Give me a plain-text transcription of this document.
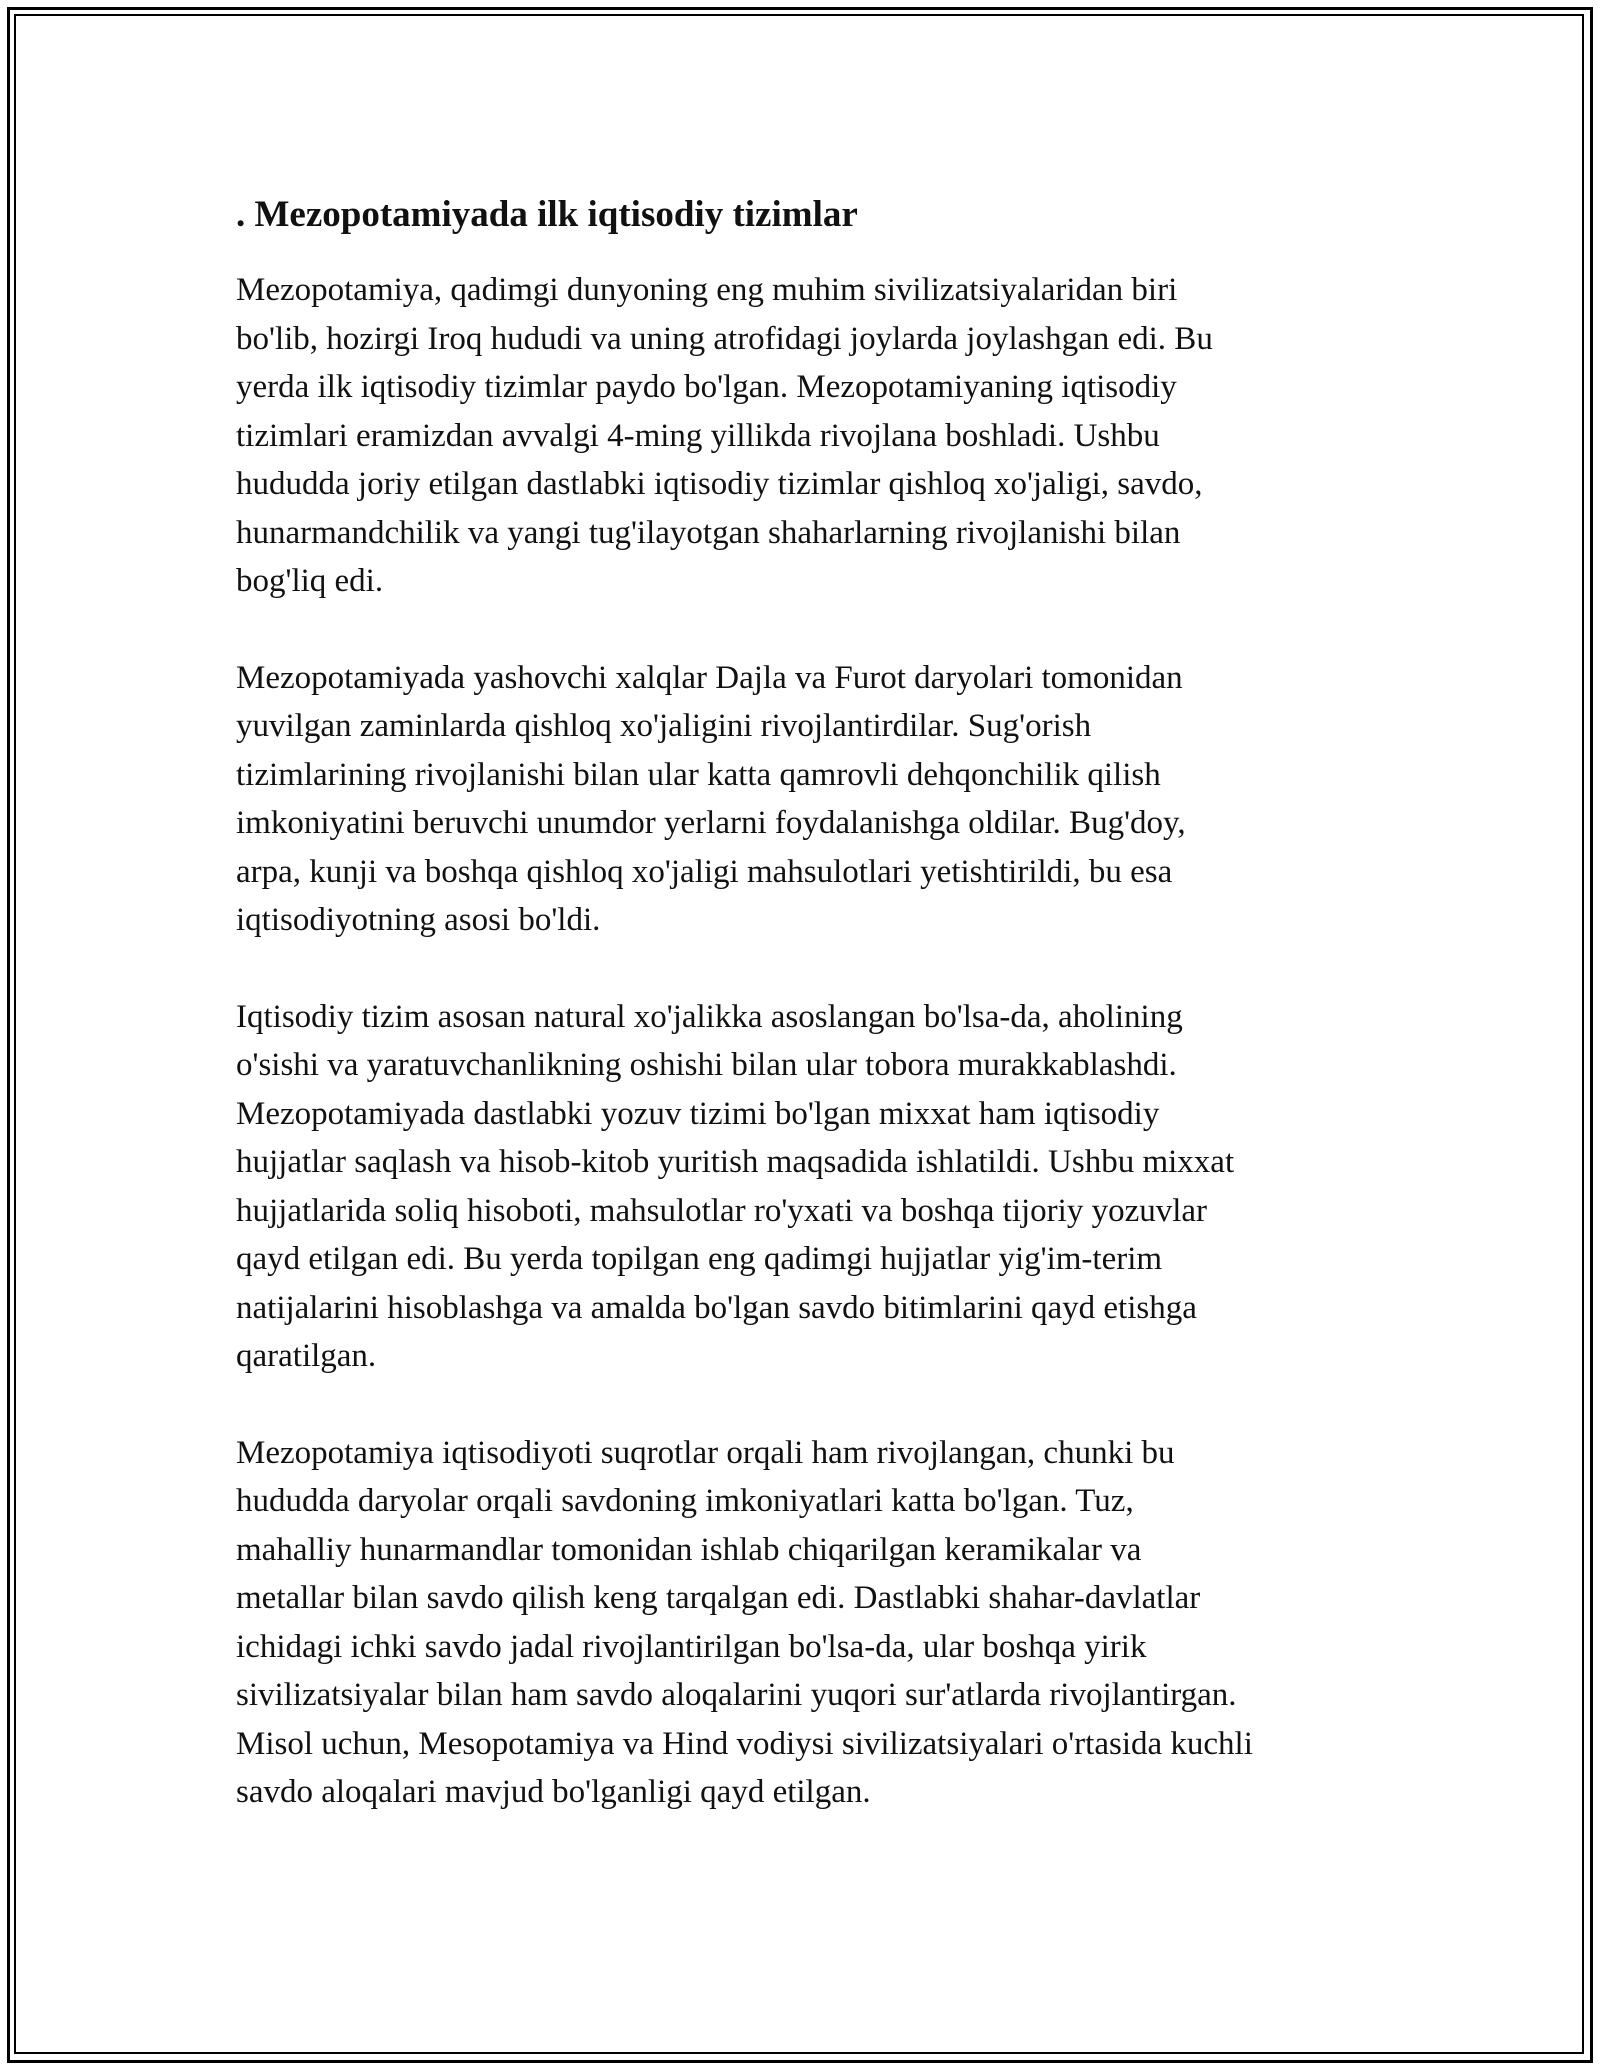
. Mezopotamiyada ilk iqtisodiy tizimlar

Mezopotamiya, qadimgi dunyoning eng muhim sivilizatsiyalaridan biri
bo'lib, hozirgi Iroq hududi va uning atrofidagi joylarda joylashgan edi. Bu
yerda ilk iqtisodiy tizimlar paydo bo'lgan. Mezopotamiyaning iqtisodiy
tizimlari eramizdan avvalgi 4-ming yillikda rivojlana boshladi. Ushbu
hududda joriy etilgan dastlabki iqtisodiy tizimlar qishloq xo'jaligi, savdo,
hunarmandchilik va yangi tug'ilayotgan shaharlarning rivojlanishi bilan
bog'liq edi.

Mezopotamiyada yashovchi xalqlar Dajla va Furot daryolari tomonidan
yuvilgan zaminlarda qishloq xo'jaligini rivojlantirdilar. Sug'orish
tizimlarining rivojlanishi bilan ular katta qamrovli dehqonchilik qilish
imkoniyatini beruvchi unumdor yerlarni foydalanishga oldilar. Bug'doy,
arpa, kunji va boshqa qishloq xo'jaligi mahsulotlari yetishtirildi, bu esa
iqtisodiyotning asosi bo'ldi.

Iqtisodiy tizim asosan natural xo'jalikka asoslangan bo'lsa-da, aholining
o'sishi va yaratuvchanlikning oshishi bilan ular tobora murakkablashdi.
Mezopotamiyada dastlabki yozuv tizimi bo'lgan mixxat ham iqtisodiy
hujjatlar saqlash va hisob-kitob yuritish maqsadida ishlatildi. Ushbu mixxat
hujjatlarida soliq hisoboti, mahsulotlar ro'yxati va boshqa tijoriy yozuvlar
qayd etilgan edi. Bu yerda topilgan eng qadimgi hujjatlar yig'im-terim
natijalarini hisoblashga va amalda bo'lgan savdo bitimlarini qayd etishga
qaratilgan.

Mezopotamiya iqtisodiyoti suqrotlar orqali ham rivojlangan, chunki bu
hududda daryolar orqali savdoning imkoniyatlari katta bo'lgan. Tuz,
mahalliy hunarmandlar tomonidan ishlab chiqarilgan keramikalar va
metallar bilan savdo qilish keng tarqalgan edi. Dastlabki shahar-davlatlar
ichidagi ichki savdo jadal rivojlantirilgan bo'lsa-da, ular boshqa yirik
sivilizatsiyalar bilan ham savdo aloqalarini yuqori sur'atlarda rivojlantirgan.
Misol uchun, Mesopotamiya va Hind vodiysi sivilizatsiyalari o'rtasida kuchli
savdo aloqalari mavjud bo'lganligi qayd etilgan.
